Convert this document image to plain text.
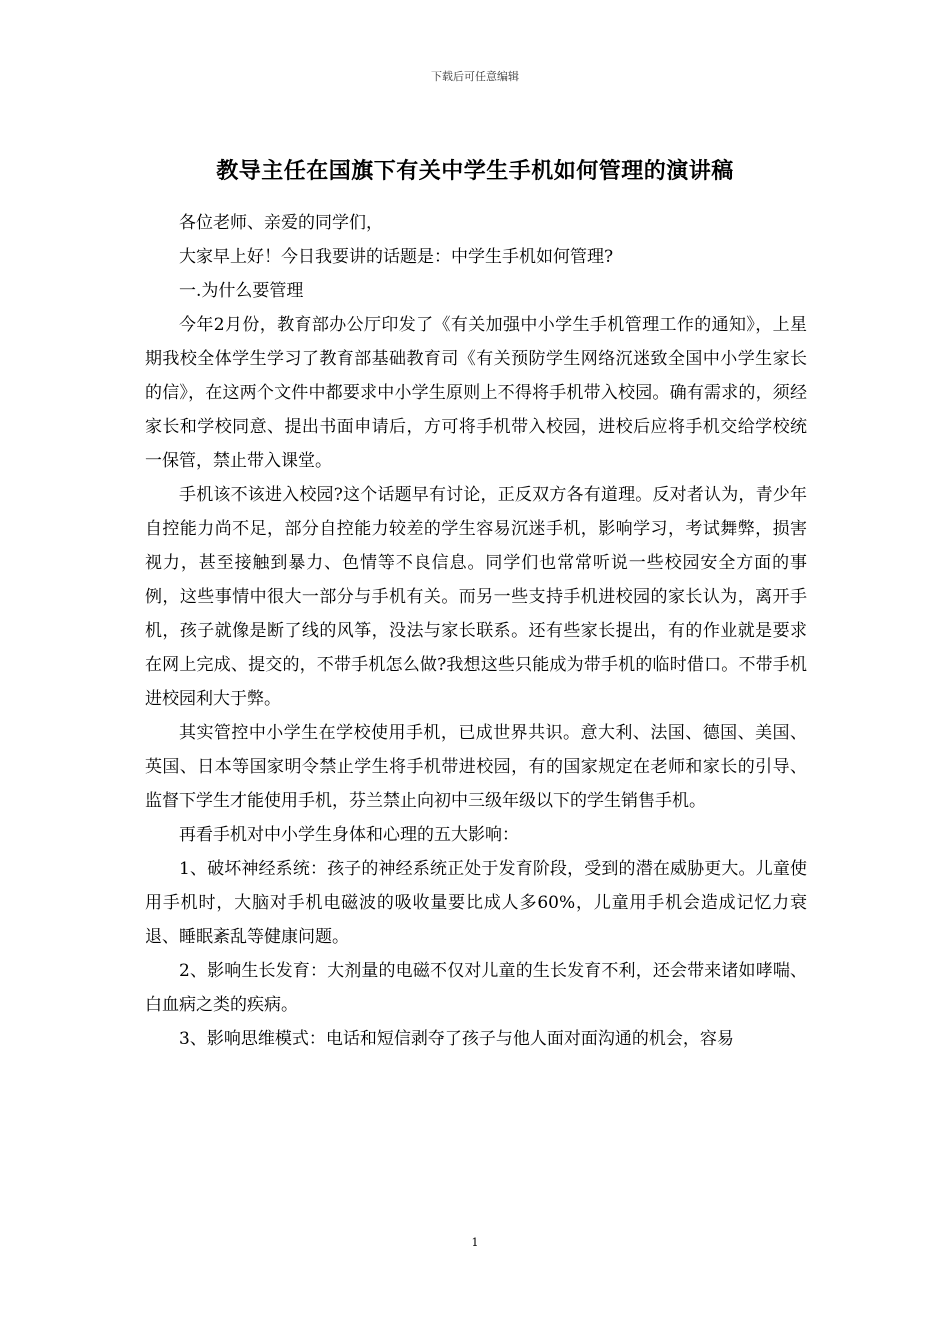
下载后可任意编辑
教导主任在国旗下有关中学生手机如何管理的演讲稿

各位老师、亲爱的同学们，

大家早上好！今日我要讲的话题是：中学生手机如何管理?

一.为什么要管理

今年2月份，教育部办公厅印发了《有关加强中小学生手机管理工作的通知》，上星期我校全体学生学习了教育部基础教育司《有关预防学生网络沉迷致全国中小学生家长的信》，在这两个文件中都要求中小学生原则上不得将手机带入校园。确有需求的，须经家长和学校同意、提出书面申请后，方可将手机带入校园，进校后应将手机交给学校统一保管，禁止带入课堂。

手机该不该进入校园?这个话题早有讨论，正反双方各有道理。反对者认为，青少年自控能力尚不足，部分自控能力较差的学生容易沉迷手机，影响学习，考试舞弊，损害视力，甚至接触到暴力、色情等不良信息。同学们也常常听说一些校园安全方面的事例，这些事情中很大一部分与手机有关。而另一些支持手机进校园的家长认为，离开手机，孩子就像是断了线的风筝，没法与家长联系。还有些家长提出，有的作业就是要求在网上完成、提交的，不带手机怎么做?我想这些只能成为带手机的临时借口。不带手机进校园利大于弊。

其实管控中小学生在学校使用手机，已成世界共识。意大利、法国、德国、美国、英国、日本等国家明令禁止学生将手机带进校园，有的国家规定在老师和家长的引导、监督下学生才能使用手机，芬兰禁止向初中三级年级以下的学生销售手机。

再看手机对中小学生身体和心理的五大影响：

1、破坏神经系统：孩子的神经系统正处于发育阶段，受到的潜在威胁更大。儿童使用手机时，大脑对手机电磁波的吸收量要比成人多60%，儿童用手机会造成记忆力衰退、睡眠紊乱等健康问题。

2、影响生长发育：大剂量的电磁不仅对儿童的生长发育不利，还会带来诸如哮喘、白血病之类的疾病。

3、影响思维模式：电话和短信剥夺了孩子与他人面对面沟通的机会，容易

1
